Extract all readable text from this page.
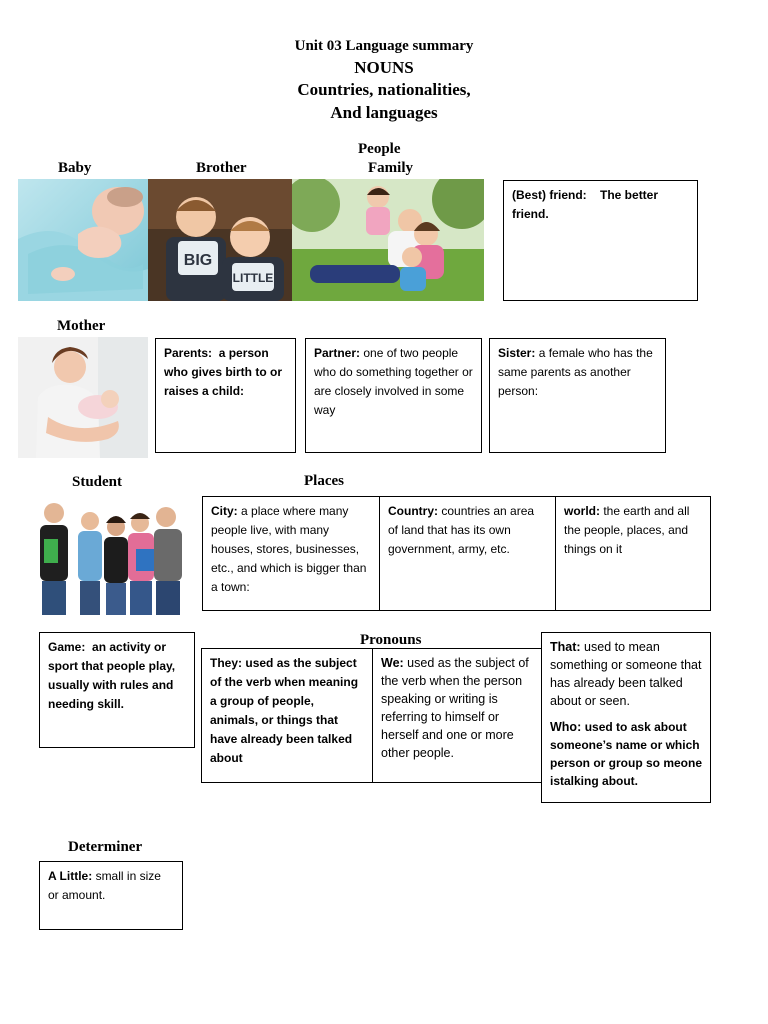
Unit 03 Language summary
NOUNS
Countries, nationalities,
And languages
People
Baby	Brother	Family
BIG
LITTLE
(Best) friend: The better friend.
Mother
Parents: a person who gives birth to or raises a child:
Partner: one of two people who do something together or are closely involved in some way
Sister: a female who has the same parents as another person:
Student	Places
City: a place where many people live, with many houses, stores, businesses, etc., and which is bigger than a town:
Country: countries an area of land that has its own government, army, etc.
world: the earth and all the people, places, and things on it
Game: an activity or sport that people play, usually with rules and needing skill.
Pronouns
They: used as the subject of the verb when meaning a group of people, animals, or things that have already been talked about
We: used as the subject of the verb when the person speaking or writing is referring to himself or herself and one or more other people.
That: used to mean something or someone that has already been talked about or seen.
Who: used to ask about someone’s name or which person or group so meone istalking about.
Determiner
A Little: small in size or amount.
